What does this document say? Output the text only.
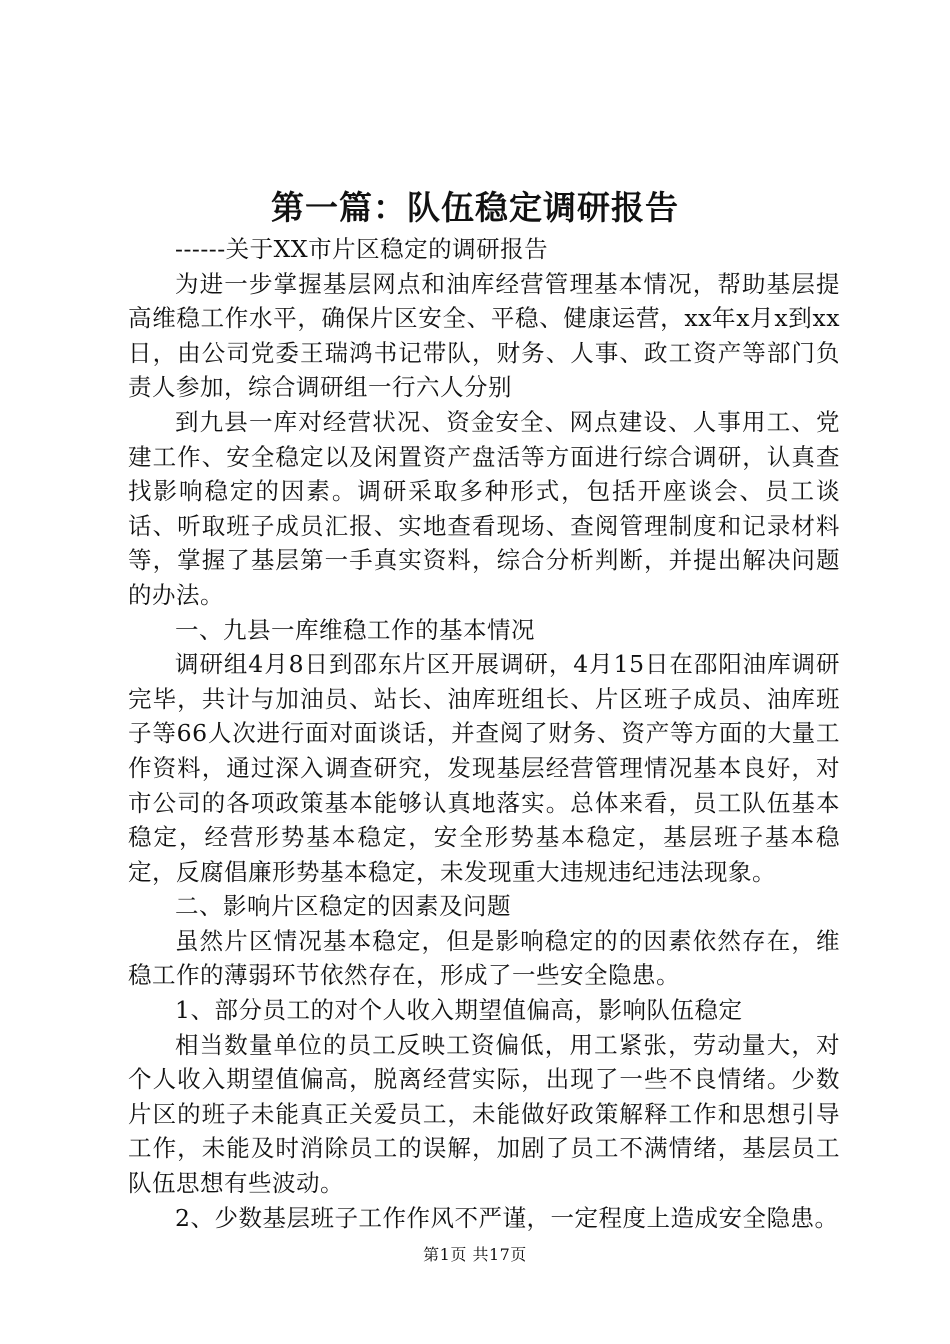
第一篇：队伍稳定调研报告

------关于XX市片区稳定的调研报告

为进一步掌握基层网点和油库经营管理基本情况，帮助基层提高维稳工作水平，确保片区安全、平稳、健康运营，xx年x月x到xx日，由公司党委王瑞鸿书记带队，财务、人事、政工资产等部门负责人参加，综合调研组一行六人分别

到九县一库对经营状况、资金安全、网点建设、人事用工、党建工作、安全稳定以及闲置资产盘活等方面进行综合调研，认真查找影响稳定的因素。调研采取多种形式，包括开座谈会、员工谈话、听取班子成员汇报、实地查看现场、查阅管理制度和记录材料等，掌握了基层第一手真实资料，综合分析判断，并提出解决问题的办法。

一、九县一库维稳工作的基本情况

调研组4月8日到邵东片区开展调研，4月15日在邵阳油库调研完毕，共计与加油员、站长、油库班组长、片区班子成员、油库班子等66人次进行面对面谈话，并查阅了财务、资产等方面的大量工作资料，通过深入调查研究，发现基层经营管理情况基本良好，对市公司的各项政策基本能够认真地落实。总体来看，员工队伍基本稳定，经营形势基本稳定，安全形势基本稳定，基层班子基本稳定，反腐倡廉形势基本稳定，未发现重大违规违纪违法现象。

二、影响片区稳定的因素及问题

虽然片区情况基本稳定，但是影响稳定的的因素依然存在，维稳工作的薄弱环节依然存在，形成了一些安全隐患。

1、部分员工的对个人收入期望值偏高，影响队伍稳定

相当数量单位的员工反映工资偏低，用工紧张，劳动量大，对个人收入期望值偏高，脱离经营实际，出现了一些不良情绪。少数片区的班子未能真正关爱员工，未能做好政策解释工作和思想引导工作，未能及时消除员工的误解，加剧了员工不满情绪，基层员工队伍思想有些波动。

2、少数基层班子工作作风不严谨，一定程度上造成安全隐患。

第1页 共17页
